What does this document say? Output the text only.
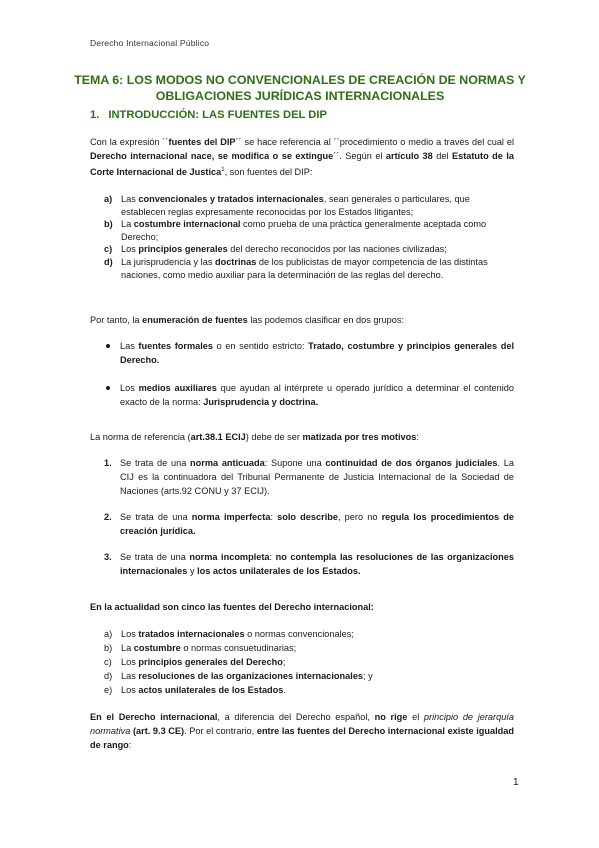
Derecho Internacional Público
TEMA 6: LOS MODOS NO CONVENCIONALES DE CREACIÓN DE NORMAS Y OBLIGACIONES JURÍDICAS INTERNACIONALES
1. INTRODUCCIÓN: LAS FUENTES DEL DIP
Con la expresión ´´fuentes del DIP´´ se hace referencia al ´´procedimiento o medio a través del cual el Derecho internacional nace, se modifica o se extingue´´. Según el artículo 38 del Estatuto de la Corte Internacional de Justica$^1$, son fuentes del DIP:
a) Las convencionales y tratados internacionales, sean generales o particulares, que establecen reglas expresamente reconocidas por los Estados litigantes;
b) La costumbre internacional como prueba de una práctica generalmente aceptada como Derecho;
c) Los principios generales del derecho reconocidos por las naciones civilizadas;
d) La jurisprudencia y las doctrinas de los publicistas de mayor competencia de las distintas naciones, como medio auxiliar para la determinación de las reglas del derecho.
Por tanto, la enumeración de fuentes las podemos clasificar en dos grupos:
Las fuentes formales o en sentido estricto: Tratado, costumbre y principios generales del Derecho.
Los medios auxiliares que ayudan al intérprete u operado jurídico a determinar el contenido exacto de la norma: Jurisprudencia y doctrina.
La norma de referencia (art.38.1 ECIJ) debe de ser matizada por tres motivos:
1. Se trata de una norma anticuada: Supone una continuidad de dos órganos judiciales. La CIJ es la continuadora del Tribunal Permanente de Justicia Internacional de la Sociedad de Naciones (arts.92 CONU y 37 ECIJ).
2. Se trata de una norma imperfecta: solo describe, pero no regula los procedimientos de creación jurídica.
3. Se trata de una norma incompleta: no contempla las resoluciones de las organizaciones internacionales y los actos unilaterales de los Estados.
En la actualidad son cinco las fuentes del Derecho internacional:
a) Los tratados internacionales o normas convencionales;
b) La costumbre o normas consuetudinarias;
c) Los principios generales del Derecho;
d) Las resoluciones de las organizaciones internacionales; y
e) Los actos unilaterales de los Estados.
En el Derecho internacional, a diferencia del Derecho español, no rige el principio de jerarquía normativa (art. 9.3 CE). Por el contrario, entre las fuentes del Derecho internacional existe igualdad de rango:
1
